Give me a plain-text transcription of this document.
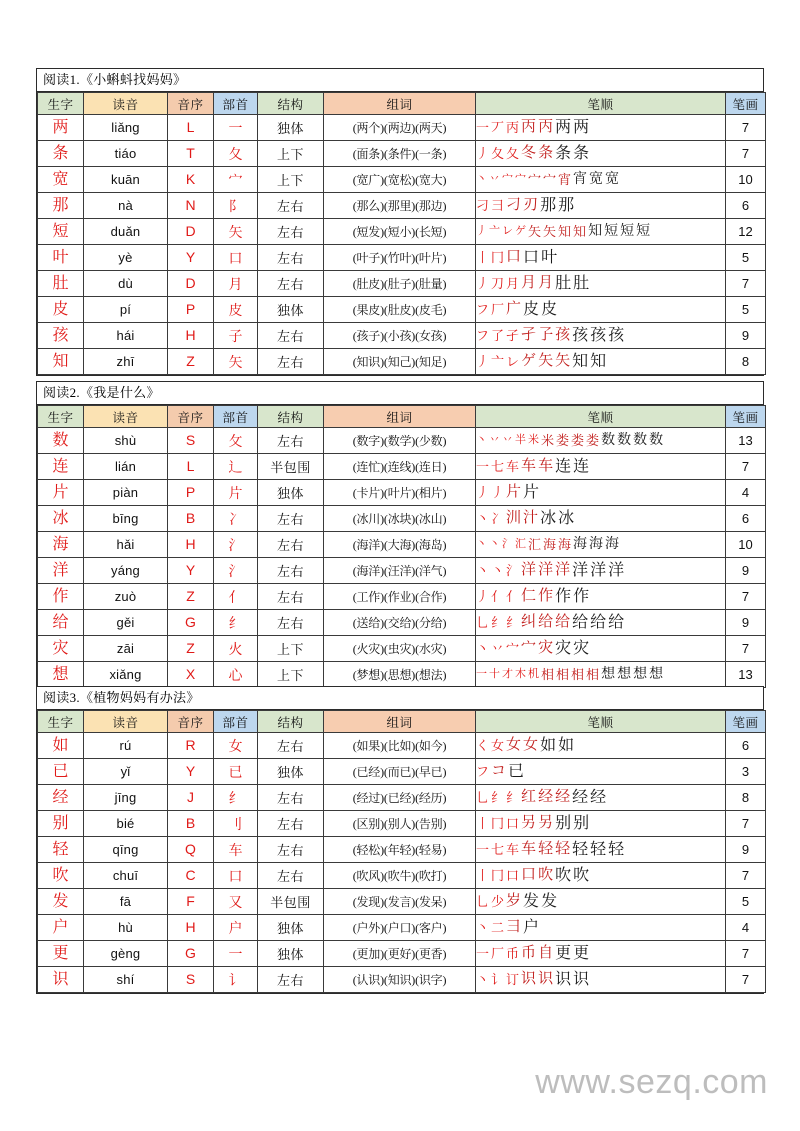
阅读1.《小蝌蚪找妈妈》
生字	读音	音序	部首	结构	组词	笔顺	笔画
两	liǎng	L	一	独体	(两个)(两边)(两天)	一 丆 丙 丙 丙 两 两	7
条	tiáo	T	夂	上下	(面条)(条件)(一条)	丿 夂 夂 冬 条 条 条	7
宽	kuān	K	宀	上下	(宽广)(宽松)(宽大)	丶 丷 宀 宀 宀 宀 宵 宵 宽 宽	10
那	nà	N	阝	左右	(那么)(那里)(那边)	刁 彐 刁 刃 那 那	6
短	duǎn	D	矢	左右	(短发)(短小)(长短)	丿 亠 レ ゲ 矢 矢 知 知 知 短 短 短	12
叶	yè	Y	口	左右	(叶子)(竹叶)(叶片)	丨 冂 口 口 叶	5
肚	dù	D	月	左右	(肚皮)(肚子)(肚量)	丿 刀 月 月 月 肚 肚	7
皮	pí	P	皮	独体	(果皮)(肚皮)(皮毛)	フ 厂 广 皮 皮	5
孩	hái	H	子	左右	(孩子)(小孩)(女孩)	フ 了 孑 孑 孒 孩 孩 孩 孩	9
知	zhī	Z	矢	左右	(知识)(知己)(知足)	丿 亠 レ ゲ 矢 矢 知 知	8
阅读2.《我是什么》
生字	读音	音序	部首	结构	组词	笔顺	笔画
数	shù	S	攵	左右	(数字)(数学)(少数)	丶 丷 丷 半 米 米 娄 娄 娄 数 数 数 数	13
连	lián	L	辶	半包围	(连忙)(连线)(连日)	一 七 车 车 车 连 连	7
片	piàn	P	片	独体	(卡片)(叶片)(相片)	丿 丿 片 片	4
冰	bīng	B	冫	左右	(冰川)(冰块)(冰山)	丶 冫 汌 汁 冰 冰	6
海	hǎi	H	氵	左右	(海洋)(大海)(海岛)	丶 丶 氵 汇 汇 海 海 海 海 海	10
洋	yáng	Y	氵	左右	(海洋)(汪洋)(洋气)	丶 丶 氵 洋 洋 洋 洋 洋 洋	9
作	zuò	Z	亻	左右	(工作)(作业)(合作)	丿 亻 亻 仁 作 作 作	7
给	gěi	G	纟	左右	(送给)(交给)(分给)	乚 纟 纟 纠 给 给 给 给 给	9
灾	zāi	Z	火	上下	(火灾)(虫灾)(水灾)	丶 丷 宀 宀 灾 灾 灾	7
想	xiǎng	X	心	上下	(梦想)(思想)(想法)	一 十 才 木 机 相 相 相 相 想 想 想 想	13
阅读3.《植物妈妈有办法》
生字	读音	音序	部首	结构	组词	笔顺	笔画
如	rú	R	女	左右	(如果)(比如)(如今)	く 女 女 女 如 如	6
已	yǐ	Y	已	独体	(已经)(而已)(早已)	フ コ 已	3
经	jīng	J	纟	左右	(经过)(已经)(经历)	乚 纟 纟 红 经 经 经 经	8
别	bié	B	刂	左右	(区别)(别人)(告别)	丨 冂 口 另 另 别 别	7
轻	qīng	Q	车	左右	(轻松)(年轻)(轻易)	一 七 车 车 轻 轻 轻 轻 轻	9
吹	chuī	C	口	左右	(吹风)(吹牛)(吹打)	丨 冂 口 口 吹 吹 吹	7
发	fā	F	又	半包围	(发现)(发言)(发呆)	乚 少 岁 发 发	5
户	hù	H	户	独体	(户外)(户口)(客户)	丶 二 ⺕ 户	4
更	gèng	G	一	独体	(更加)(更好)(更香)	一 厂 币 币 自 更 更	7
识	shí	S	讠	左右	(认识)(知识)(识字)	丶 讠 订 识 识 识 识	7
www.sezq.com
